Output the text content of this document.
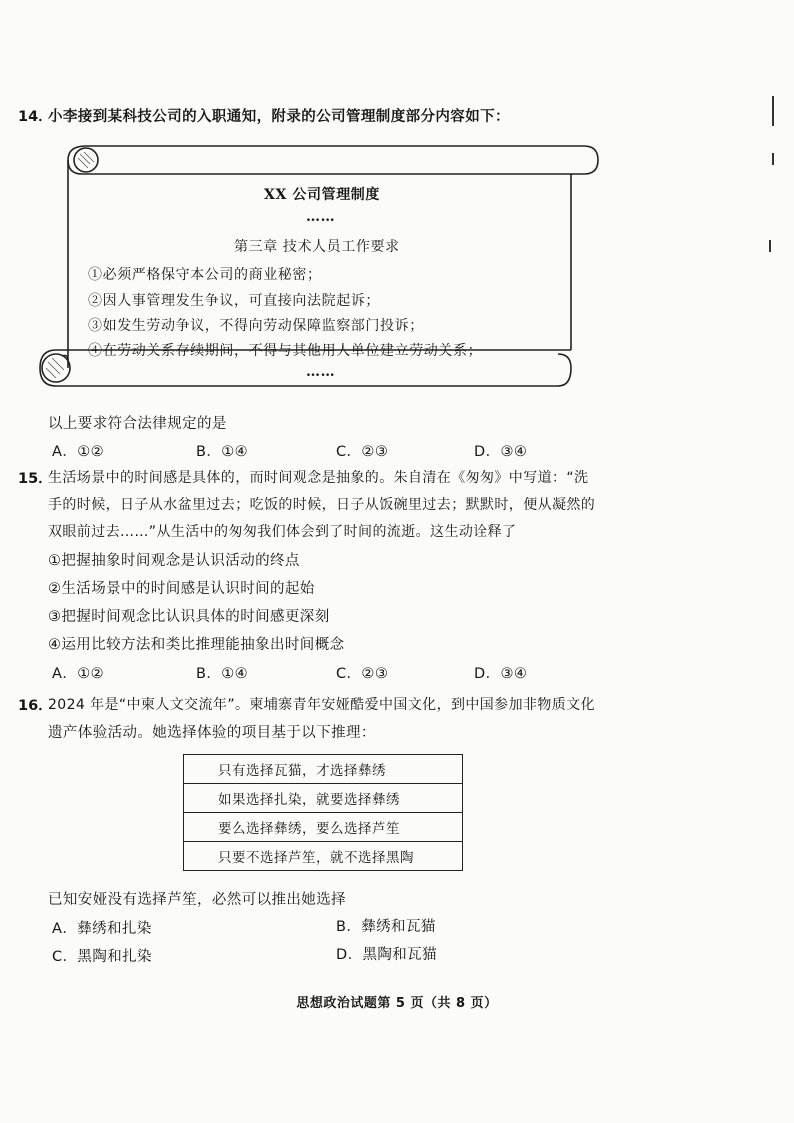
14．
小李接到某科技公司的入职通知，附录的公司管理制度部分内容如下：
XX 公司管理制度
……
第三章 技术人员工作要求
①必须严格保守本公司的商业秘密；
②因人事管理发生争议，可直接向法院起诉；
③如发生劳动争议，不得向劳动保障监察部门投诉；
④在劳动关系存续期间，不得与其他用人单位建立劳动关系；
……
以上要求符合法律规定的是
A．①②	B．①④	C．②③	D．③④
15．
生活场景中的时间感是具体的，而时间观念是抽象的。朱自清在《匆匆》中写道：“洗
手的时候，日子从水盆里过去；吃饭的时候，日子从饭碗里过去；默默时，便从凝然的
双眼前过去……”从生活中的匆匆我们体会到了时间的流逝。这生动诠释了
①把握抽象时间观念是认识活动的终点
②生活场景中的时间感是认识时间的起始
③把握时间观念比认识具体的时间感更深刻
④运用比较方法和类比推理能抽象出时间概念
A．①②	B．①④	C．②③	D．③④
16．
2024 年是“中柬人文交流年”。柬埔寨青年安娅酷爱中国文化，到中国参加非物质文化
遗产体验活动。她选择体验的项目基于以下推理：
只有选择瓦猫，才选择彝绣
如果选择扎染，就要选择彝绣
要么选择彝绣，要么选择芦笙
只要不选择芦笙，就不选择黑陶
已知安娅没有选择芦笙，必然可以推出她选择
A．彝绣和扎染	B．彝绣和瓦猫
C．黑陶和扎染	D．黑陶和瓦猫
思想政治试题第 5 页（共 8 页）
